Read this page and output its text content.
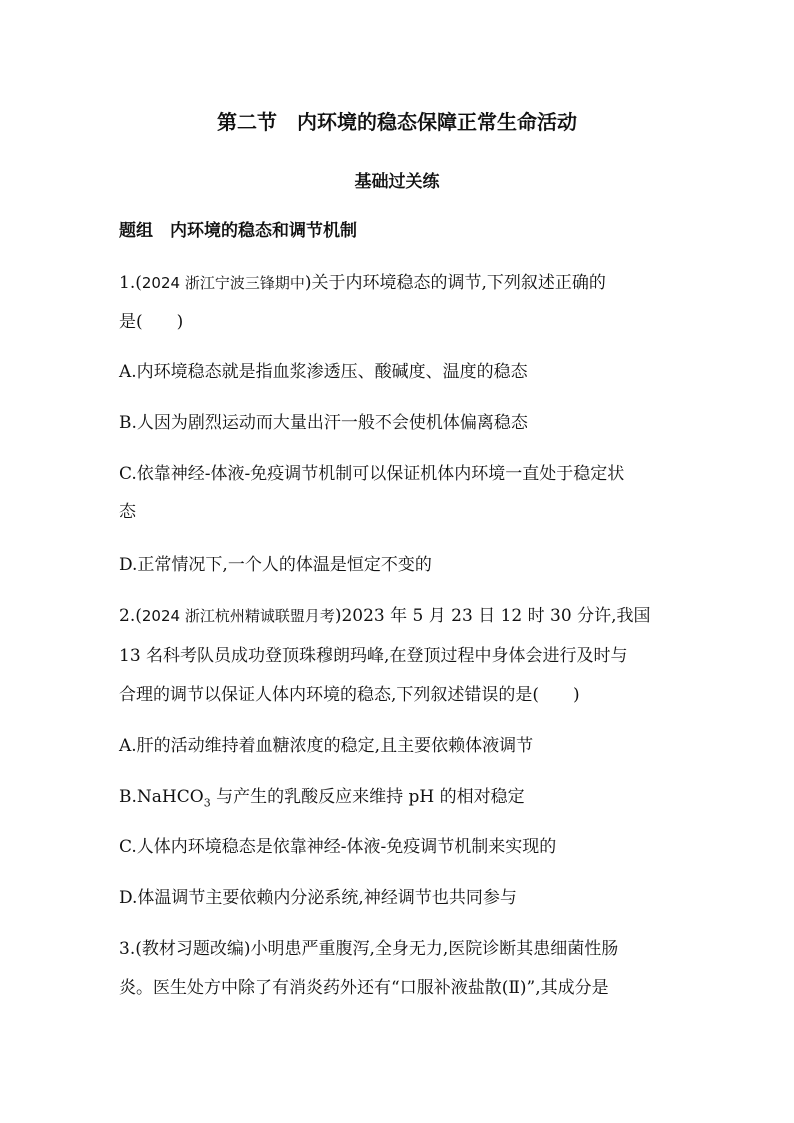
第二节　内环境的稳态保障正常生命活动
基础过关练
题组　内环境的稳态和调节机制
1.(2024 浙江宁波三锋期中)关于内环境稳态的调节,下列叙述正确的
是(　　)
A.内环境稳态就是指血浆渗透压、酸碱度、温度的稳态
B.人因为剧烈运动而大量出汗一般不会使机体偏离稳态
C.依靠神经-体液-免疫调节机制可以保证机体内环境一直处于稳定状
态
D.正常情况下,一个人的体温是恒定不变的
2.(2024 浙江杭州精诚联盟月考)2023 年 5 月 23 日 12 时 30 分许,我国
13 名科考队员成功登顶珠穆朗玛峰,在登顶过程中身体会进行及时与
合理的调节以保证人体内环境的稳态,下列叙述错误的是(　　)
A.肝的活动维持着血糖浓度的稳定,且主要依赖体液调节
B.NaHCO$_3$ 与产生的乳酸反应来维持 pH 的相对稳定
C.人体内环境稳态是依靠神经-体液-免疫调节机制来实现的
D.体温调节主要依赖内分泌系统,神经调节也共同参与
3.(教材习题改编)小明患严重腹泻,全身无力,医院诊断其患细菌性肠
炎。医生处方中除了有消炎药外还有“口服补液盐散(Ⅱ)”,其成分是
